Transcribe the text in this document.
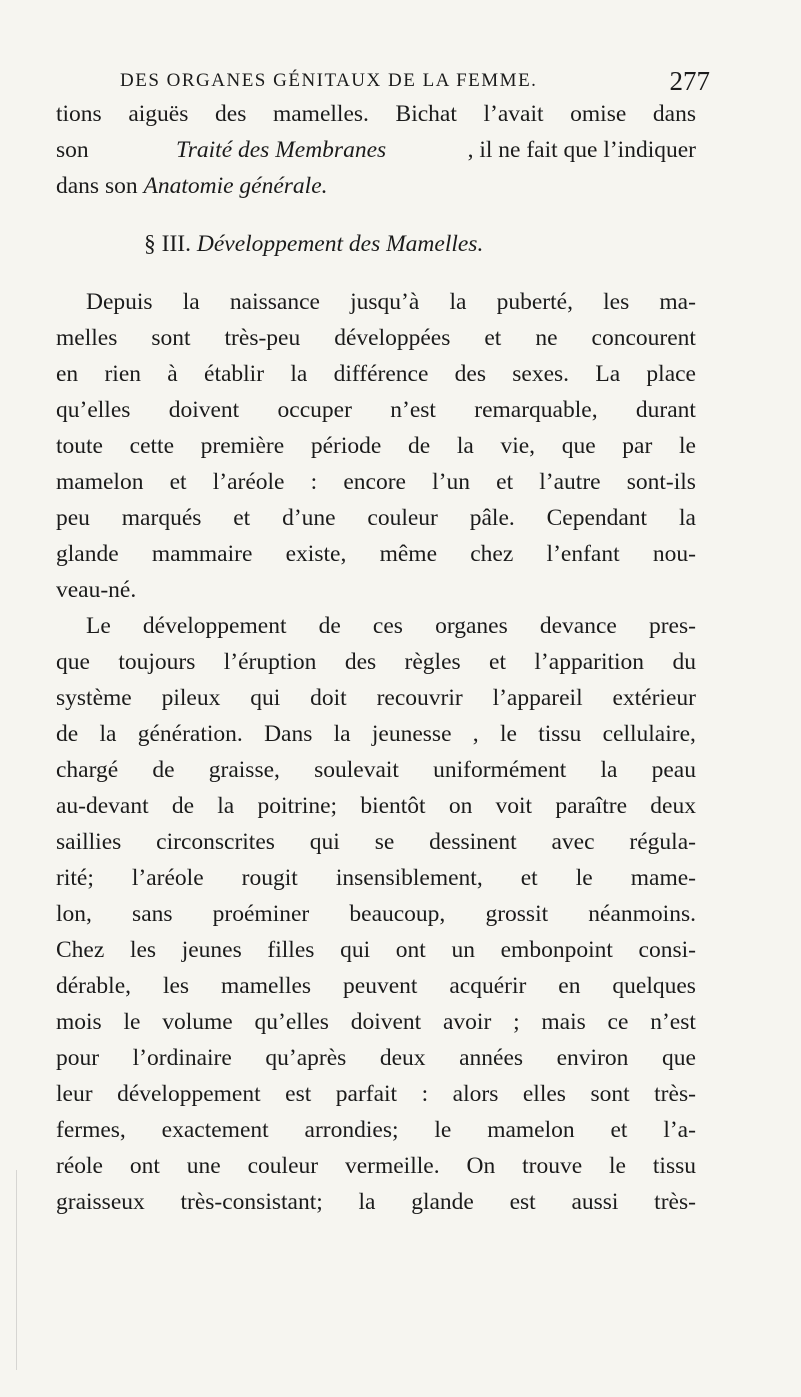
DES ORGANES GÉNITAUX DE LA FEMME.	277
tions aiguës des mamelles. Bichat l’avait omise dans
son	Traité des Membranes	, il ne fait que l’indiquer
dans son Anatomie générale.
§ III. Développement des Mamelles.
Depuis la naissance jusqu’à la puberté, les ma-
melles sont très-peu développées et ne concourent
en rien à établir la différence des sexes. La place
qu’elles doivent occuper n’est remarquable, durant
toute cette première période de la vie, que par le
mamelon et l’aréole : encore l’un et l’autre sont-ils
peu marqués et d’une couleur pâle. Cependant la
glande mammaire existe, même chez l’enfant nou-
veau-né.
Le développement de ces organes devance pres-
que toujours l’éruption des règles et l’apparition du
système pileux qui doit recouvrir l’appareil extérieur
de la génération. Dans la jeunesse , le tissu cellulaire,
chargé de graisse, soulevait uniformément la peau
au-devant de la poitrine; bientôt on voit paraître deux
saillies circonscrites qui se dessinent avec régula-
rité; l’aréole rougit insensiblement, et le mame-
lon, sans proéminer beaucoup, grossit néanmoins.
Chez les jeunes filles qui ont un embonpoint consi-
dérable, les mamelles peuvent acquérir en quelques
mois le volume qu’elles doivent avoir ; mais ce n’est
pour l’ordinaire qu’après deux années environ que
leur développement est parfait : alors elles sont très-
fermes, exactement arrondies; le mamelon et l’a-
réole ont une couleur vermeille. On trouve le tissu
graisseux très-consistant; la glande est aussi très-
